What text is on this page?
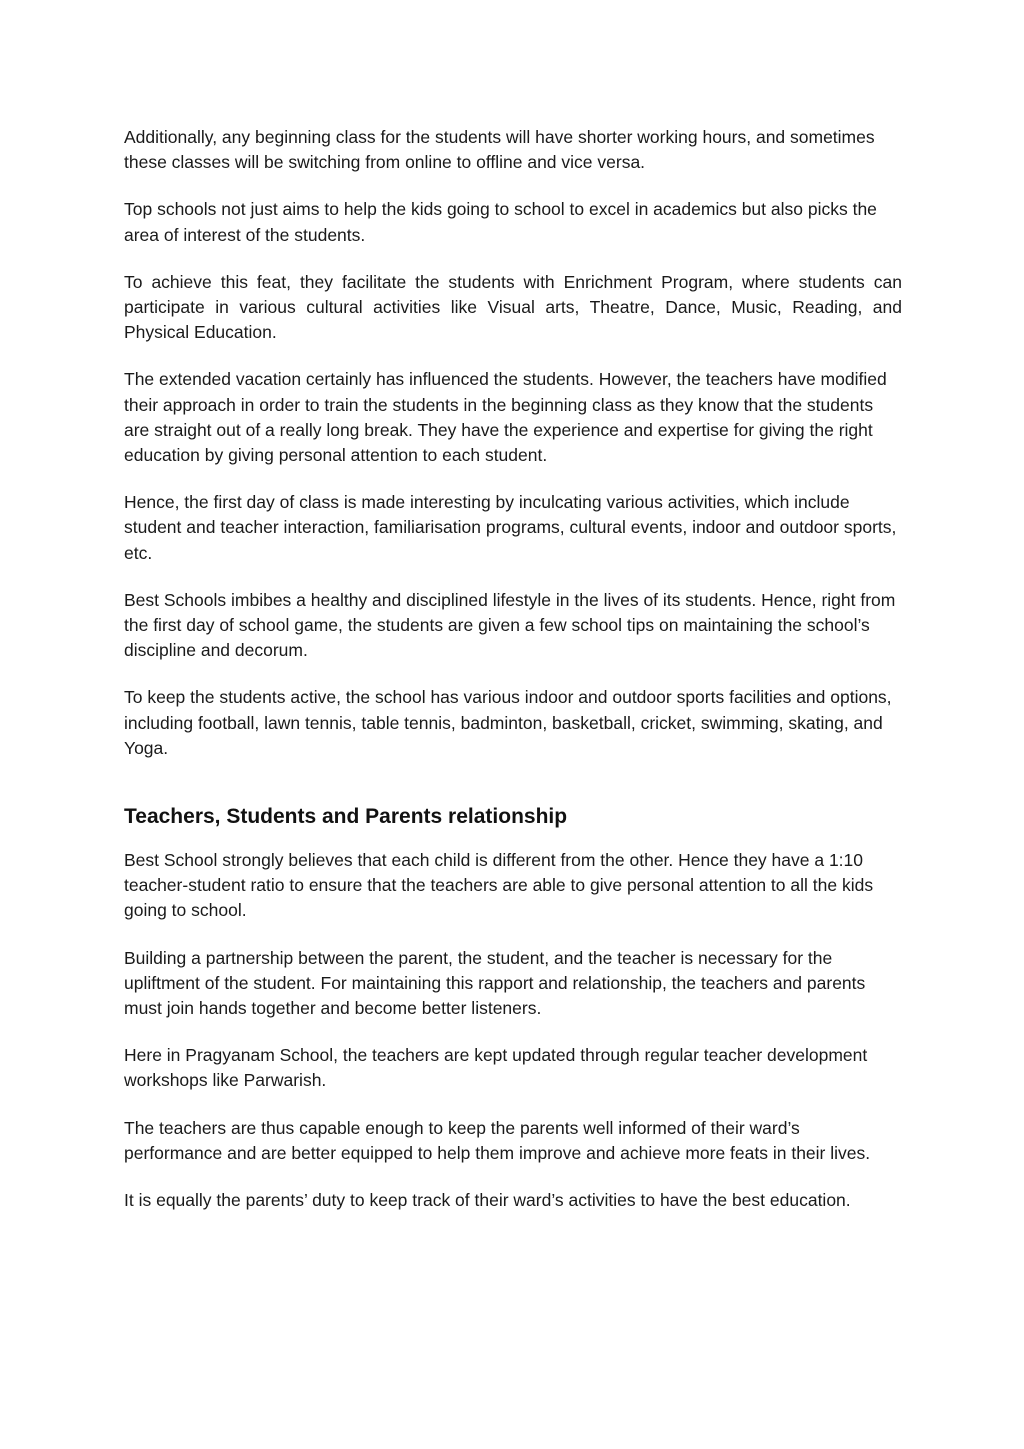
Additionally, any beginning class for the students will have shorter working hours, and sometimes these classes will be switching from online to offline and vice versa.

Top schools not just aims to help the kids going to school to excel in academics but also picks the area of interest of the students.

To achieve this feat, they facilitate the students with Enrichment Program, where students can participate in various cultural activities like Visual arts, Theatre, Dance, Music, Reading, and Physical Education.

The extended vacation certainly has influenced the students. However, the teachers have modified their approach in order to train the students in the beginning class as they know that the students are straight out of a really long break. They have the experience and expertise for giving the right education by giving personal attention to each student.

Hence, the first day of class is made interesting by inculcating various activities, which include student and teacher interaction, familiarisation programs, cultural events, indoor and outdoor sports, etc.

Best Schools imbibes a healthy and disciplined lifestyle in the lives of its students. Hence, right from the first day of school game, the students are given a few school tips on maintaining the school’s discipline and decorum.

To keep the students active, the school has various indoor and outdoor sports facilities and options, including football, lawn tennis, table tennis, badminton, basketball, cricket, swimming, skating, and Yoga.

Teachers, Students and Parents relationship

Best School strongly believes that each child is different from the other. Hence they have a 1:10 teacher-student ratio to ensure that the teachers are able to give personal attention to all the kids going to school.

Building a partnership between the parent, the student, and the teacher is necessary for the upliftment of the student. For maintaining this rapport and relationship, the teachers and parents must join hands together and become better listeners.

Here in Pragyanam School, the teachers are kept updated through regular teacher development workshops like Parwarish.

The teachers are thus capable enough to keep the parents well informed of their ward’s performance and are better equipped to help them improve and achieve more feats in their lives.

It is equally the parents’ duty to keep track of their ward’s activities to have the best education.
